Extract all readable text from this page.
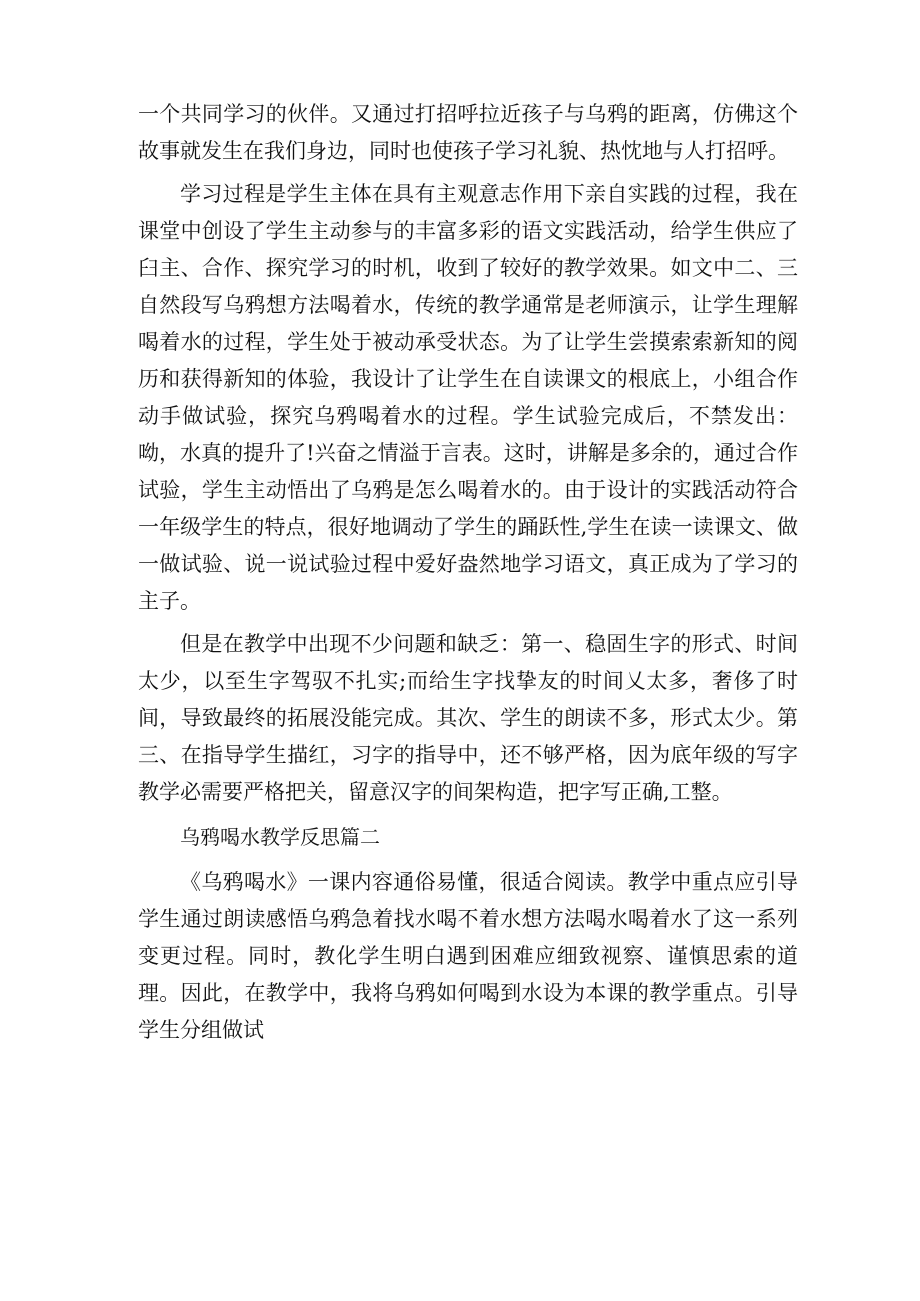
一个共同学习的伙伴。又通过打招呼拉近孩子与乌鸦的距离，仿佛这个故事就发生在我们身边，同时也使孩子学习礼貌、热忱地与人打招呼。

学习过程是学生主体在具有主观意志作用下亲自实践的过程，我在课堂中创设了学生主动参与的丰富多彩的语文实践活动，给学生供应了臼主、合作、探究学习的时机，收到了较好的教学效果。如文中二、三自然段写乌鸦想方法喝着水，传统的教学通常是老师演示，让学生理解喝着水的过程，学生处于被动承受状态。为了让学生尝摸索索新知的阅历和获得新知的体验，我设计了让学生在自读课文的根底上，小组合作动手做试验，探究乌鸦喝着水的过程。学生试验完成后，不禁发出：呦，水真的提升了!兴奋之情溢于言表。这时，讲解是多余的，通过合作试验，学生主动悟出了乌鸦是怎么喝着水的。由于设计的实践活动符合一年级学生的特点，很好地调动了学生的踊跃性,学生在读一读课文、做一做试验、说一说试验过程中爱好盎然地学习语文，真正成为了学习的主子。

但是在教学中出现不少问题和缺乏：第一、稳固生字的形式、时间太少，以至生字驾驭不扎实;而给生字找挚友的时间乂太多，奢侈了时间，导致最终的拓展没能完成。其次、学生的朗读不多，形式太少。第三、在指导学生描红，习字的指导中，还不够严格，因为底年级的写字教学必需要严格把关，留意汉字的间架构造，把字写正确,工整。

乌鸦喝水教学反思篇二

《乌鸦喝水》一课内容通俗易懂，很适合阅读。教学中重点应引导学生通过朗读感悟乌鸦急着找水喝不着水想方法喝水喝着水了这一系列变更过程。同时，教化学生明白遇到困难应细致视察、谨慎思索的道理。因此，在教学中，我将乌鸦如何喝到水设为本课的教学重点。引导学生分组做试
